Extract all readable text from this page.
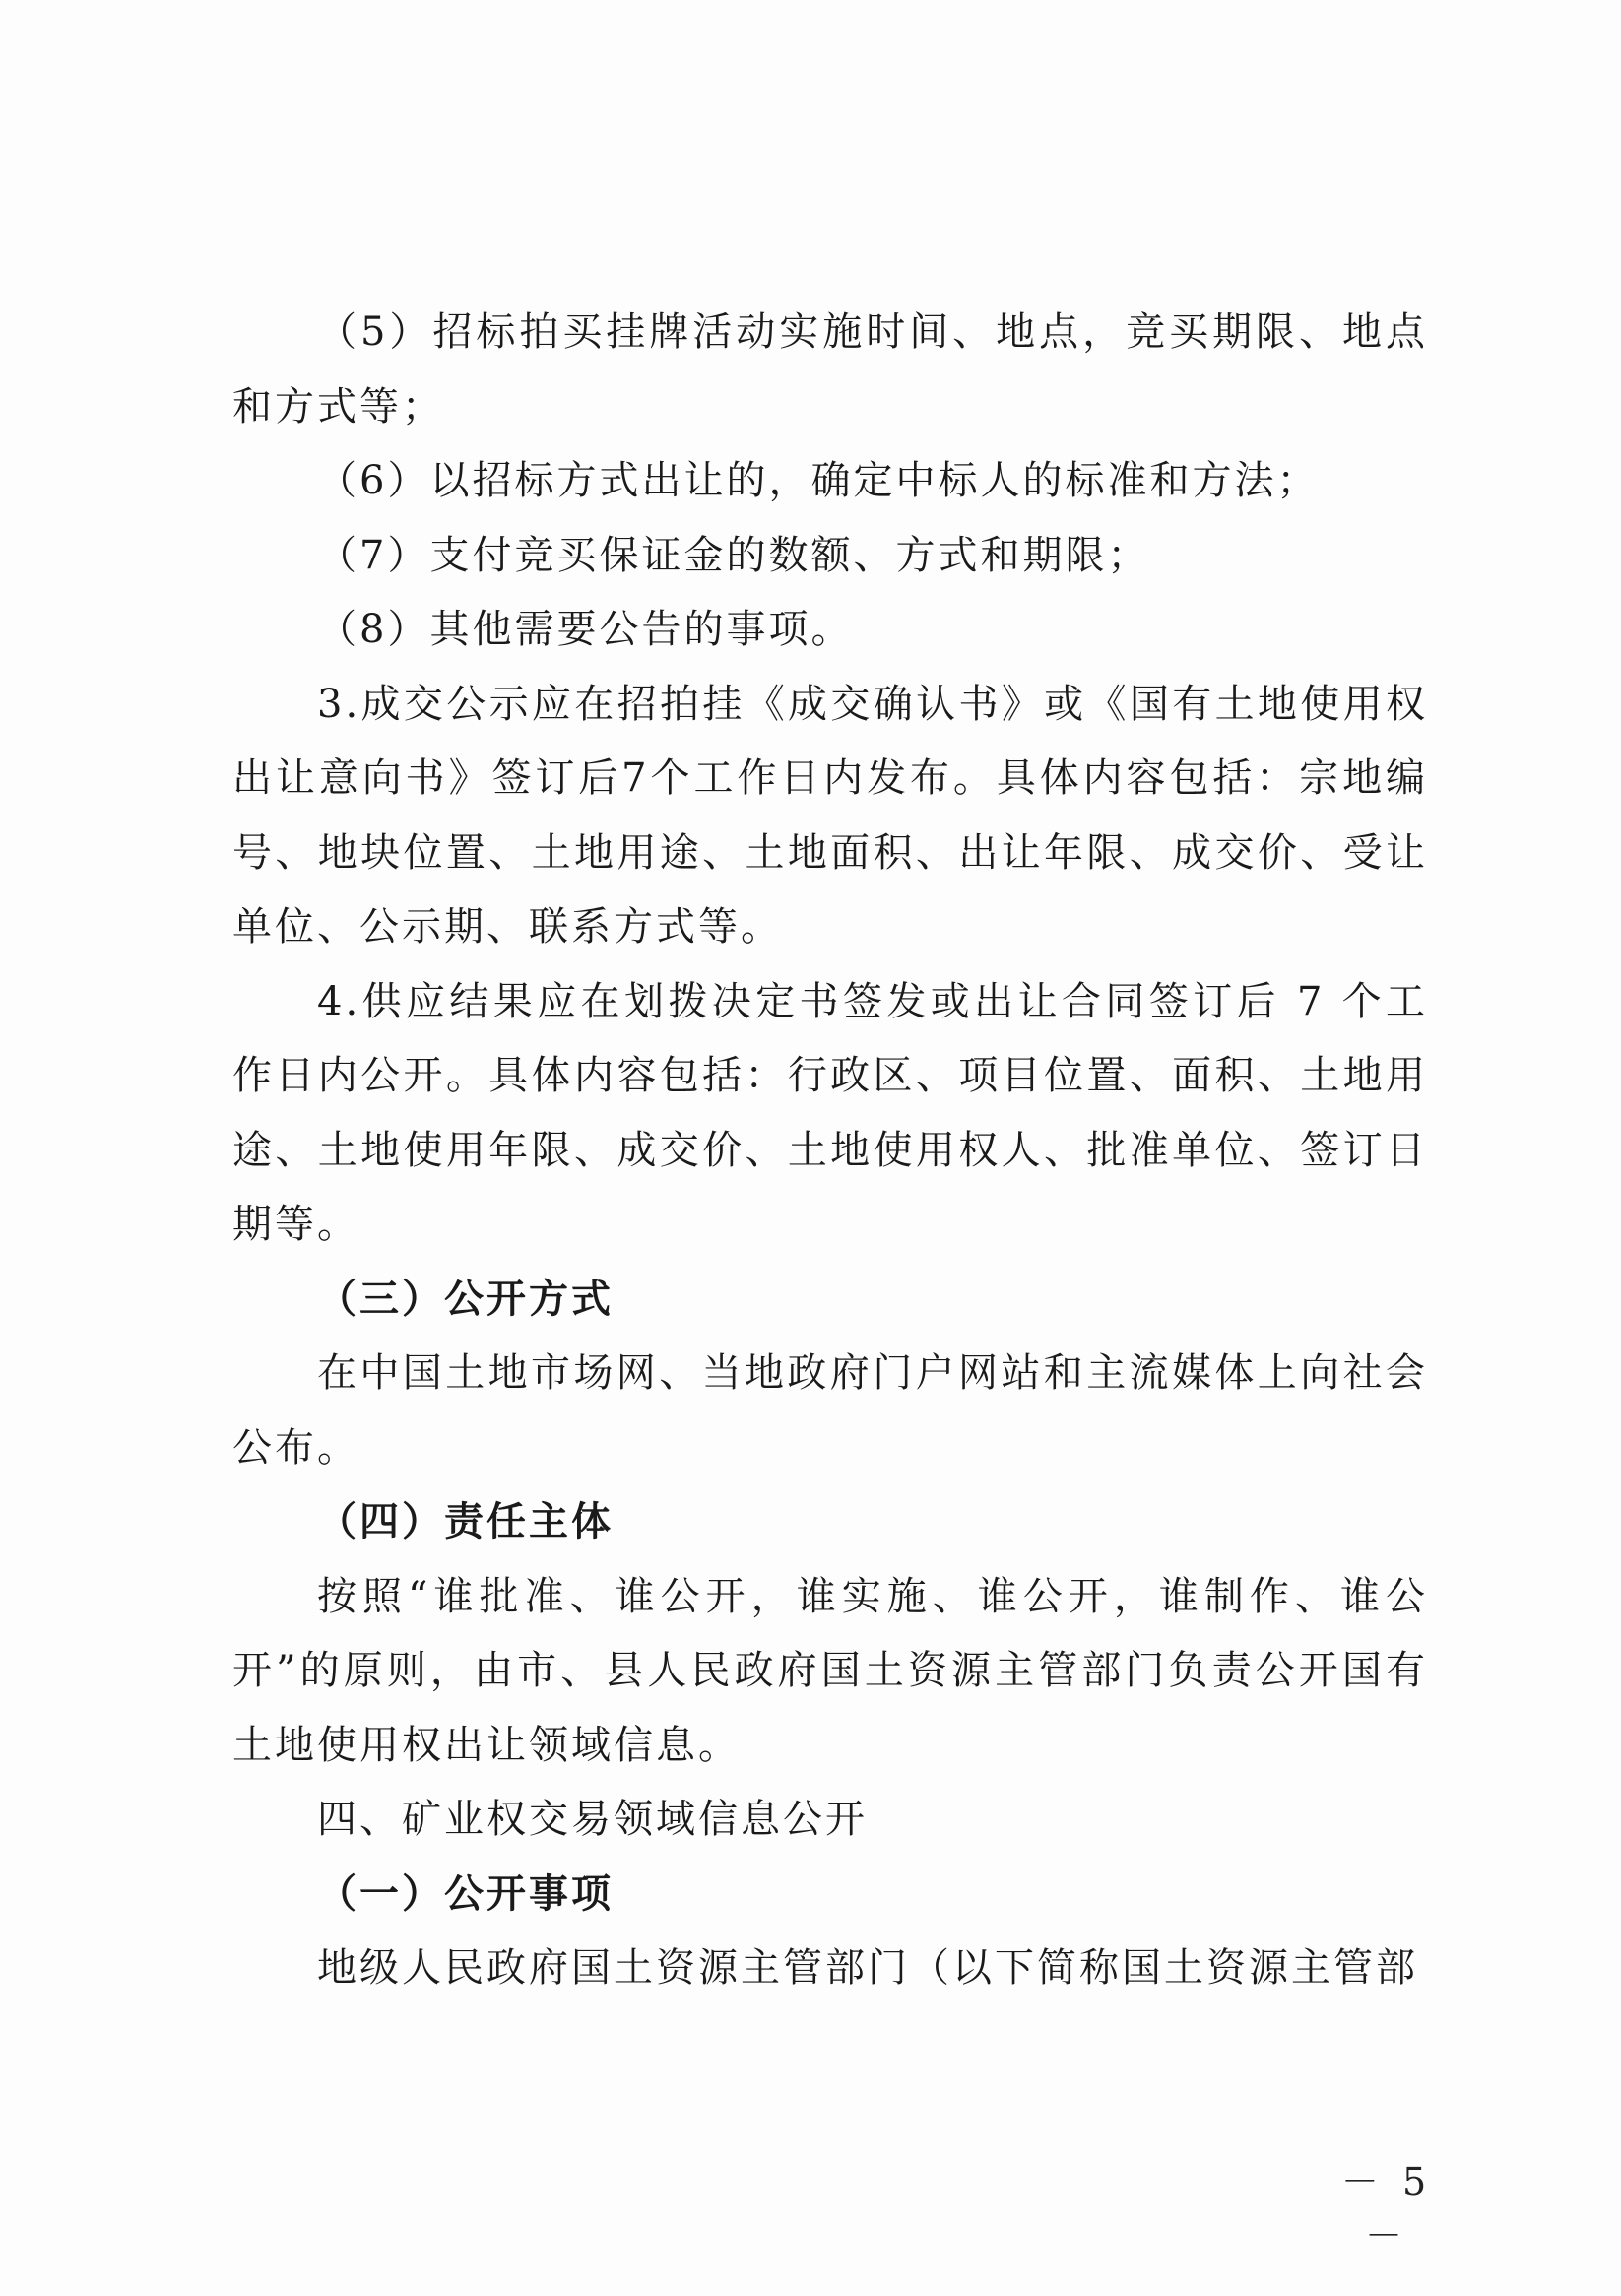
（5）招标拍买挂牌活动实施时间、地点，竞买期限、地点和方式等；

（6）以招标方式出让的，确定中标人的标准和方法；

（7）支付竞买保证金的数额、方式和期限；

（8）其他需要公告的事项。

3.成交公示应在招拍挂《成交确认书》或《国有土地使用权出让意向书》签订后7个工作日内发布。具体内容包括：宗地编号、地块位置、土地用途、土地面积、出让年限、成交价、受让单位、公示期、联系方式等。

4.供应结果应在划拨决定书签发或出让合同签订后 7 个工作日内公开。具体内容包括：行政区、项目位置、面积、土地用途、土地使用年限、成交价、土地使用权人、批准单位、签订日期等。

（三）公开方式

在中国土地市场网、当地政府门户网站和主流媒体上向社会公布。

（四）责任主体

按照“谁批准、谁公开，谁实施、谁公开，谁制作、谁公开”的原则，由市、县人民政府国土资源主管部门负责公开国有土地使用权出让领域信息。

四、矿业权交易领域信息公开

（一）公开事项

地级人民政府国土资源主管部门（以下简称国土资源主管部

－ 5 －
